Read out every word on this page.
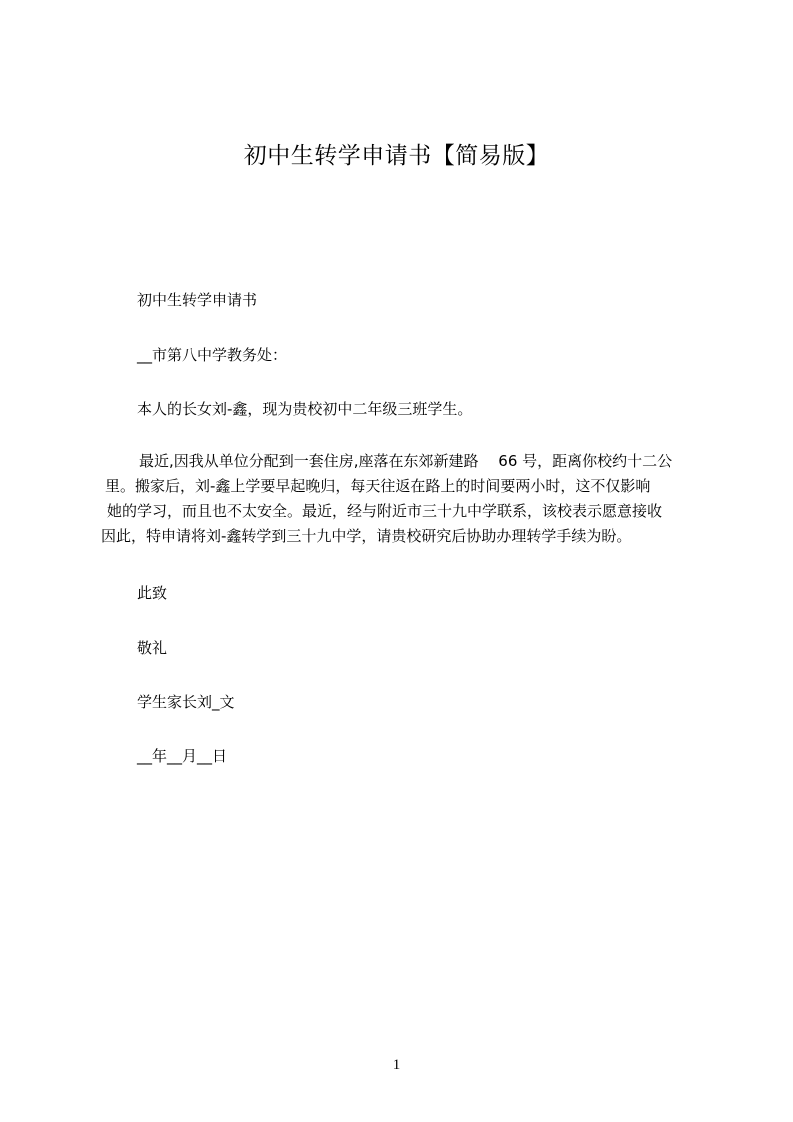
初中生转学申请书【简易版】
初中生转学申请书
__市第八中学教务处：
本人的长女刘-鑫，现为贵校初中二年级三班学生。
最近,因我从单位分配到一套住房,座落在东郊新建路　 66 号，距离你校约十二公
里。搬家后，刘-鑫上学要早起晚归，每天往返在路上的时间要两小时，这不仅影响
她的学习，而且也不太安全。最近，经与附近市三十九中学联系，该校表示愿意接收
因此，特申请将刘-鑫转学到三十九中学，请贵校研究后协助办理转学手续为盼。
此致
敬礼
学生家长刘_文
__年__月__日
1
